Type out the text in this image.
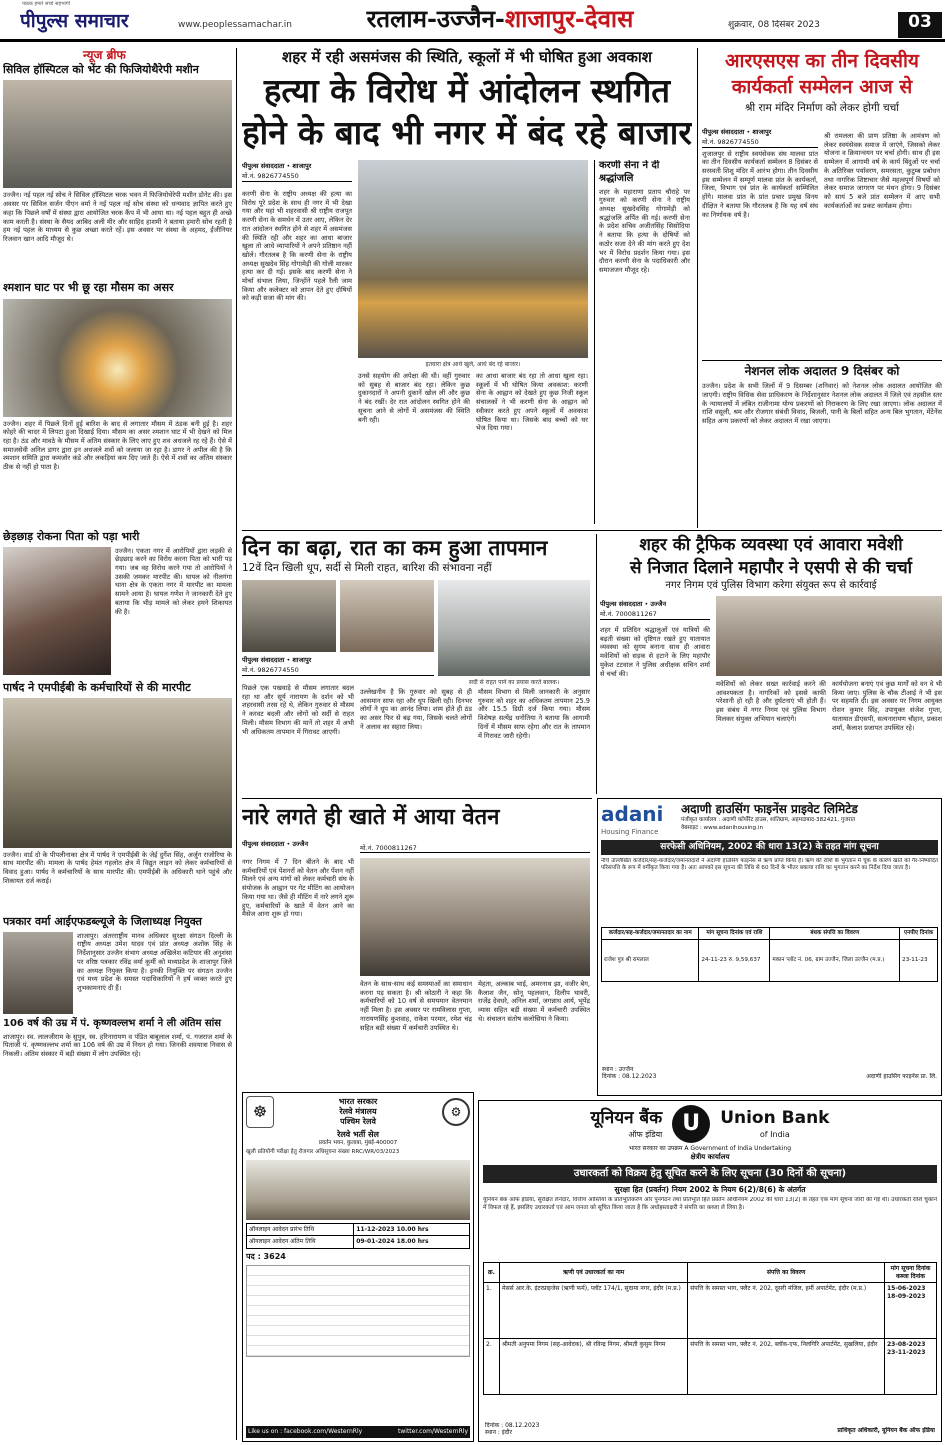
पाठक हमारे सच्चे सहभागी
पीपुल्स समाचार	www.peoplessamachar.in	रतलाम-उज्जैन-शाजापुर-देवास	शुक्रवार, 08 दिसंबर 2023	03
न्यूज ब्रीफ
सिविल हॉस्पिटल को भेंट की फिजियोथैरेपी मशीन
उज्जैन। नई पहल नई सोच ने सिविल हॉस्पिटल चरक भवन में फिजियोथेरेपी मशीन डोनेट की। इस अवसर पर सिविल सर्जन पीएन वर्मा ने नई पहल नई सोच संस्था को धन्यवाद ज्ञापित करते हुए कहा कि पिछले वर्षों में संस्था द्वारा आयोजित चरक कैंप में भी आया था। नई पहल बहुत ही अच्छे काम करती है। संस्था के सैयद आबिद अली मीर और साहिद हाशमी ने बताया हमारी सोच रहती है हम नई पहल के माध्यम से कुछ अच्छा करते रहें। इस अवसर पर संस्था के अहमद, ईंजीनियर रिजवान खान आदि मौजूद थे।
श्मशान घाट पर भी छू रहा मौसम का असर
उज्जैन। शहर में पिछले दिनों हुई बारिश के बाद से लगातार मौसम में ठंडक बनी हुई है। शहर कोहरे की चादर में लिपटा हुआ दिखाई दिया। मौसम का असर श्मशान घाट में भी देखने को मिल रहा है। ठंड और मावठे के मौसम में अंतिम संस्कार के लिए लाए हुए शव अधजले रह रहे हैं। ऐसे में समाजसेवी अनिल डागर द्वारा इन अधजले शवों को जलाया जा रहा है। डागर ने अपील की है कि श्मशान समिति द्वारा कमजोर कंडे और लकड़ियां कम दिए जाते हैं। ऐसे में शवों का अंतिम संस्कार ठीक से नहीं हो पाता है।
छेड़छाड़ रोकना पिता को पड़ा भारी
उज्जैन। एकता नगर में आरोपियों द्वारा लड़की से छेड़छाड़ करने का विरोध करना पिता को भारी पड़ गया। जब वह विरोध करने गया तो आरोपियों ने उसकी जमकर मारपीट की। घायल को नीलगंगा थाना क्षेत्र के एकता नगर में मारपीट का मामला सामने आया है। घायल गणेश ने जानकारी देते हुए बताया कि भीड़ मामले को लेकर हमने शिकायत की है।
पार्षद ने एमपीईबी के कर्मचारियों से की मारपीट
उज्जैन। वार्ड दो के पीपलीनाका क्षेत्र में पार्षद ने एमपीईबी के जेई दुर्गेश सिंह, अर्जुन राजोरिया के साथ मारपीट की। मामला के पार्षद हेमंत गहलोत क्षेत्र में विद्युत लाइन को लेकर कर्मचारियों से विवाद हुआ। पार्षद ने कर्मचारियों के साथ मारपीट की। एमपीईबी के अधिकारी थाने पहुंचे और शिकायत दर्ज कराई।
पत्रकार वर्मा आईएफडब्ल्यूजे के जिलाध्यक्ष नियुक्त
शाजापुर। अंतरराष्ट्रीय मानव अधिकार सुरक्षा संगठन दिल्ली के राष्ट्रीय अध्यक्ष उमेश यादव एवं प्रांत अध्यक्ष अशोक सिंह के निर्देशानुसार उज्जैन संभाग अध्यक्ष अखिलेश कटियार की अनुशंसा पर वरिष्ठ पत्रकार रविंद्र वर्मा कूर्मी को मध्यप्रदेश के शाजापुर जिले का अध्यक्ष नियुक्त किया है। इनकी नियुक्ति पर संगठन उज्जैन एवं मध्य प्रदेश के समस्त पदाधिकारियों ने हर्ष व्यक्त करते हुए शुभकामनाएं दी हैं।
106 वर्ष की उम्र में पं. कृष्णवल्लभ शर्मा ने ली अंतिम सांस
शाजापुर। स्व. लालजीराम के सुपुत्र, स्व. हरिनारायण व पंडित बाबूलाल शर्मा, पं. गजराज शर्मा के पिताजी पं. कृष्णवल्लभ शर्मा का 106 वर्ष की उम्र में निधन हो गया। जिनकी शवयात्रा निवास से निकली। अंतिम संस्कार में बड़ी संख्या में लोग उपस्थित रहे।
शहर में रही असमंजस की स्थिति, स्कूलों में भी घोषित हुआ अवकाश
हत्या के विरोध में आंदोलन स्थगित
होने के बाद भी नगर में बंद रहे बाजार
पीपुल्स संवाददाता • शाजापुर
मो.नं. 9826774550
करणी सेना के राष्ट्रीय अध्यक्ष की हत्या का विरोध पूरे प्रदेश के साथ ही नगर में भी देखा गया और यहां भी शहरवासी श्री राष्ट्रीय राजपूत करणी सेना के समर्थन में उतर आए, लेकिन देर रात आंदोलन स्थगित होने से शहर में असमंजस की स्थिति रही और शहर का आधा बाजार खुला तो आधे व्यापारियों ने अपने प्रतिष्ठान नहीं खोले। गौरतलब है कि करणी सेना के राष्ट्रीय अध्यक्ष सुखदेव सिंह गोगामेड़ी की गोली मारकर हत्या कर दी गई। इसके बाद करणी सेना ने मोर्चा संभाल लिया, जिन्होंने पहले रैली जाम किया और कलेक्टर को ज्ञापन देते हुए दोषियों को कड़ी सजा की मांग की।
इतवारा क्षेत्र आधे खुले, आधे बंद रहे बाजार।
उनसे सहयोग की अपेक्षा की थी। वहीं गुरुवार को सुबह से बाजार बंद रहा। लेकिन कुछ दुकानदारों ने अपनी दुकानें खोल लीं और कुछ ने बंद रखीं। देर रात आंदोलन स्थगित होने की सूचना आने से लोगों में असमंजस की स्थिति बनी रही।
का आधा बाजार बंद रहा तो आधा खुला रहा। स्कूलों में भी घोषित किया अवकाश: करणी सेना के आह्वान को देखते हुए कुछ निजी स्कूल संचालकों ने भी करणी सेना के आह्वान को स्वीकार करते हुए अपने स्कूलों में अवकाश घोषित किया था। जिसके बाद बच्चों को घर भेज दिया गया।
करणी सेना ने दी
श्रद्धांजलि
शहर के महाराणा प्रताप चौराहे पर गुरुवार को करणी सेना ने राष्ट्रीय अध्यक्ष सुखदेवसिंह गोगामेड़ी को श्रद्धांजलि अर्पित की गई। करणी सेना के प्रदेश सचिव अजीतसिंह सिसोदिया ने बताया कि हत्या के दोषियों को कठोर सजा देने की मांग करते हुए देश भर में विरोध प्रदर्शन किया गया। इस दौरान करणी सेना के पदाधिकारी और समाजजन मौजूद रहे।
आरएसएस का तीन दिवसीय
कार्यकर्ता सम्मेलन आज से
श्री राम मंदिर निर्माण को लेकर होगी चर्चा
पीपुल्स संवाददाता • शाजापुर
मो.नं. 9826774550
शुजालपुर से राष्ट्रीय स्वयंसेवक संघ मालवा प्रांत का तीन दिवसीय कार्यकर्ता सम्मेलन 8 दिसंबर से सरस्वती शिशु मंदिर में आरंभ होगा। तीन दिवसीय इस सम्मेलन में सम्पूर्ण मालवा प्रांत के कार्यकर्ता, जिला, विभाग एवं प्रांत के कार्यकर्ता सम्मिलित होंगे। मालवा प्रांत के प्रांत प्रचार प्रमुख विनय दीक्षित ने बताया कि गौरतलब है कि यह वर्ष संघ का निर्णायक वर्ष है।
श्री रामलला की प्राण प्रतिष्ठा के आमंत्रण को लेकर स्वयंसेवक समाज में जाएंगे, जिसको लेकर योजना व क्रियान्वयन पर चर्चा होगी। साथ ही इस सम्मेलन में आगामी वर्ष के कार्य बिंदुओं पर चर्चा के अतिरिक्त पर्यावरण, समरसता, कुटुम्ब प्रबोधन तथा नागरिक शिष्टाचार जैसे महत्वपूर्ण विषयों को लेकर समाज जागरण पर मंथन होगा। 9 दिसंबर को सायं 5 बजे प्रांत सम्मेलन में आए सभी कार्यकर्ताओं का प्रकट कार्यक्रम होगा।
नेशनल लोक अदालत 9 दिसंबर को
उज्जैन। प्रदेश के सभी जिलों में 9 दिसम्बर (शनिवार) को नेशनल लोक अदालत आयोजित की जाएगी। राष्ट्रीय विधिक सेवा प्राधिकरण के निर्देशानुसार नेशनल लोक अदालत में जिले एवं तहसील स्तर के न्यायालयों में लंबित राजीनामा योग्य प्रकरणों को निराकरण के लिए रखा जाएगा। लोक अदालत में राशि वसूली, श्रम और रोजगार संबंधी विवाद, बिजली, पानी के बिलों सहित अन्य बिल भुगतान, मेंटेनेंस सहित अन्य प्रकरणों को लेकर अदालत में रखा जाएगा।
दिन का बढ़ा, रात का कम हुआ तापमान
12वें दिन खिली धूप, सर्दी से मिली राहत, बारिश की संभावना नहीं
पीपुल्स संवाददाता • शाजापुर
मो.नं. 9826774550
सर्दी से राहत पाने का प्रयास करते बालक।
पिछले एक पखवाड़े से मौसम लगातार बदल रहा था और सूर्य नारायण के दर्शन को भी शहरवासी तरस रहे थे, लेकिन गुरुवार से मौसम ने करवट बदली और लोगों को सर्दी से राहत मिली। मौसम विभाग की मानें तो शहर में अभी भी अधिकतम तापमान में गिरावट आएगी।
उल्लेखनीय है कि गुरुवार को सुबह से ही आसमान साफ रहा और धूप खिली रही। दिनभर लोगों ने धूप का आनंद लिया। शाम होते ही ठंड का असर फिर से बढ़ गया, जिसके चलते लोगों ने अलाव का सहारा लिया।
मौसम विभाग से मिली जानकारी के अनुसार गुरुवार को शहर का अधिकतम तापमान 25.9 और 15.5 डिग्री दर्ज किया गया। मौसम विशेषज्ञ सत्येंद्र धनोतिया ने बताया कि आगामी दिनों में मौसम साफ रहेगा और रात के तापमान में गिरावट जारी रहेगी।
शहर की ट्रैफिक व्यवस्था एवं आवारा मवेशी
से निजात दिलाने महापौर ने एसपी से की चर्चा
नगर निगम एवं पुलिस विभाग करेगा संयुक्त रूप से कार्रवाई
पीपुल्स संवाददाता • उज्जैन
मो.नं. 7000811267
शहर में प्रतिदिन श्रद्धालुओं एवं यात्रियों की बढ़ती संख्या को दृष्टिगत रखते हुए यातायात व्यवस्था को सुगम बनाना साथ ही आवारा मवेशियों को सड़क से हटाने के लिए महापौर मुकेश टटवाल ने पुलिस अधीक्षक सचिन शर्मा से चर्चा की।
मवेशियों को लेकर सख्त कार्रवाई करने की आवश्यकता है। नागरिकों को इससे काफी परेशानी हो रही है और दुर्घटनाएं भी होती हैं। इस संबंध में नगर निगम एवं पुलिस विभाग मिलकर संयुक्त अभियान चलाएंगे।
कार्ययोजना बनाएं एवं कुछ मार्गों को वन वे भी किया जाए। पुलिस के चौक टीआई ने भी इस पर सहमति दी। इस अवसर पर निगम आयुक्त रोशन कुमार सिंह, उपायुक्त संजेश गुप्ता, यातायात डीएसपी, सत्यनारायण चौहान, प्रकाश शर्मा, कैलाश प्रजापत उपस्थित रहे।
नारे लगते ही खाते में आया वेतन
पीपुल्स संवाददाता • उज्जैन	मो.नं. 7000811267
नगर निगम में 7 दिन बीतने के बाद भी कर्मचारियों एवं पेंशनरों को वेतन और पेंशन नहीं मिलने एवं अन्य मांगों को लेकर कर्मचारी संघ के संयोजक के आह्वान पर गेट मीटिंग का आयोजन किया गया था। जैसे ही मीटिंग में नारे लगने शुरू हुए, कर्मचारियों के खाते में वेतन आने का मैसेज आना शुरू हो गया।
वेतन के साथ-साथ कई समस्याओं का समाधान करना पड़ सकता है। श्री कोठारी ने कहा कि कर्मचारियों को 10 वर्ष से समयमान वेतनमान नहीं मिला है। इस अवसर पर रामविलास गुप्ता, नारायणसिंह कुशवाह, राकेश परमार, रमेश चंद्र सहित बड़ी संख्या में कर्मचारी उपस्थित थे।
मेहता, अल्काब भाई, अमरनाथ झा, वजीर बेग, कैलाश जैन, सोनू पहलवान, दिलीप घावरी, राजेंद्र देवधरे, अनिल शर्मा, जगन्नाथ आर्य, भूपेंद्र व्यास सहित बड़ी संख्या में कर्मचारी उपस्थित थे। संचालन संतोष कलोसिया ने किया।
adani
Housing Finance
अदाणी हाउसिंग फाइनेंस प्राइवेट लिमिटेड
पंजीकृत कार्यालय : अदाणी कॉर्पोरेट हाउस, शांतिग्राम, अहमदाबाद-382421, गुजरात
वेबसाइट : www.adanihousing.in
सरफेसी अधिनियम, 2002 की धारा 13(2) के तहत मांग सूचना
नीचे उल्लिखित कर्जदार/सह-कर्जदार/जमानतदारों ने अदाणी हाउसिंग फाइनेंस से ऋण प्राप्त किया है। ऋण की राशि के भुगतान में चूक के कारण खाते को गैर-निष्पादित परिसंपत्ति के रूप में वर्गीकृत किया गया है। अतः आपको इस सूचना की तिथि से 60 दिनों के भीतर बकाया राशि का भुगतान करने का निर्देश दिया जाता है।
कर्जदार/सह-कर्जदार/जमानतदार का नाम	मांग सूचना दिनांक एवं राशि	बंधक संपत्ति का विवरण	एनपीए दिनांक
राजेश पुत्र श्री रामलाल	24-11-23 रु. 9,59,637	मकान प्लॉट नं. 06, ग्राम उज्जैन, जिला उज्जैन (म.प्र.)	23-11-23
स्थान : उज्जैन
दिनांक : 08.12.2023	अदाणी हाउसिंग फाइनेंस प्रा. लि.
☸
भारत सरकार
रेलवे मंत्रालय
पश्चिम रेलवे
⚙
रेलवे भर्ती सेल
प्रवर्तन भवन, कुलाबा, मुंबई-400007
खुली प्रतियोगी परीक्षा हेतु रोजगार अधिसूचना संख्या RRC/WR/03/2023
ऑनलाइन आवेदन प्रारंभ तिथि	11-12-2023 10.00 hrs
ऑनलाइन आवेदन अंतिम तिथि	09-01-2024 18.00 hrs
पद : 3624
Like us on : facebook.com/WesternRly	twitter.com/WesternRly
यूनियन बैंक
ऑफ इंडिया U	Union Bank
of India
भारत सरकार का उपक्रम A Government of India Undertaking
क्षेत्रीय कार्यालय
उधारकर्ता को विक्रय हेतु सूचित करने के लिए सूचना (30 दिनों की सूचना)
सुरक्षा हित (प्रवर्तन) नियम 2002 के नियम 6(2)/8(6) के अंतर्गत
यूनियन बैंक ऑफ इंडिया, सुरक्षित लेनदार, वित्तीय आस्तियों के प्रतिभूतिकरण और पुनर्गठन तथा प्रतिभूति हित प्रवर्तन अधिनियम 2002 की धारा 13(2) के तहत एक मांग सूचना जारी की गई थी। उधारकर्ता राशि चुकाने में विफल रहे हैं, इसलिए उधारकर्ता एवं आम जनता को सूचित किया जाता है कि अधोहस्ताक्षरी ने संपत्ति का कब्जा ले लिया है।
क्र.	ऋणी एवं उधारकर्ता का नाम	संपत्ति का विवरण	मांग सूचना दिनांक कब्जा दिनांक
1.	मेसर्स आर.के. इंटरप्राइजेस (ऋणी फर्म), प्लॉट 174/1, सुदामा नगर, इंदौर (म.प्र.)	संपत्ति के समस्त भाग, फ्लैट नं. 202, दूसरी मंजिल, हमीं अपार्टमेंट, इंदौर (म.प्र.)	15-06-2023 18-09-2023
2.	श्रीमती अनुपमा निगम (सह-आवेदक), श्री रविन्द्र निगम, श्रीमती कुसुम निगम	संपत्ति के समस्त भाग, फ्लैट नं. 202, ब्लॉक-एफ, निलगिरि अपार्टमेंट, सुखलिया, इंदौर	23-08-2023 23-11-2023
दिनांक : 08.12.2023
स्थान : इंदौर	प्राधिकृत अधिकारी, यूनियन बैंक ऑफ इंडिया
